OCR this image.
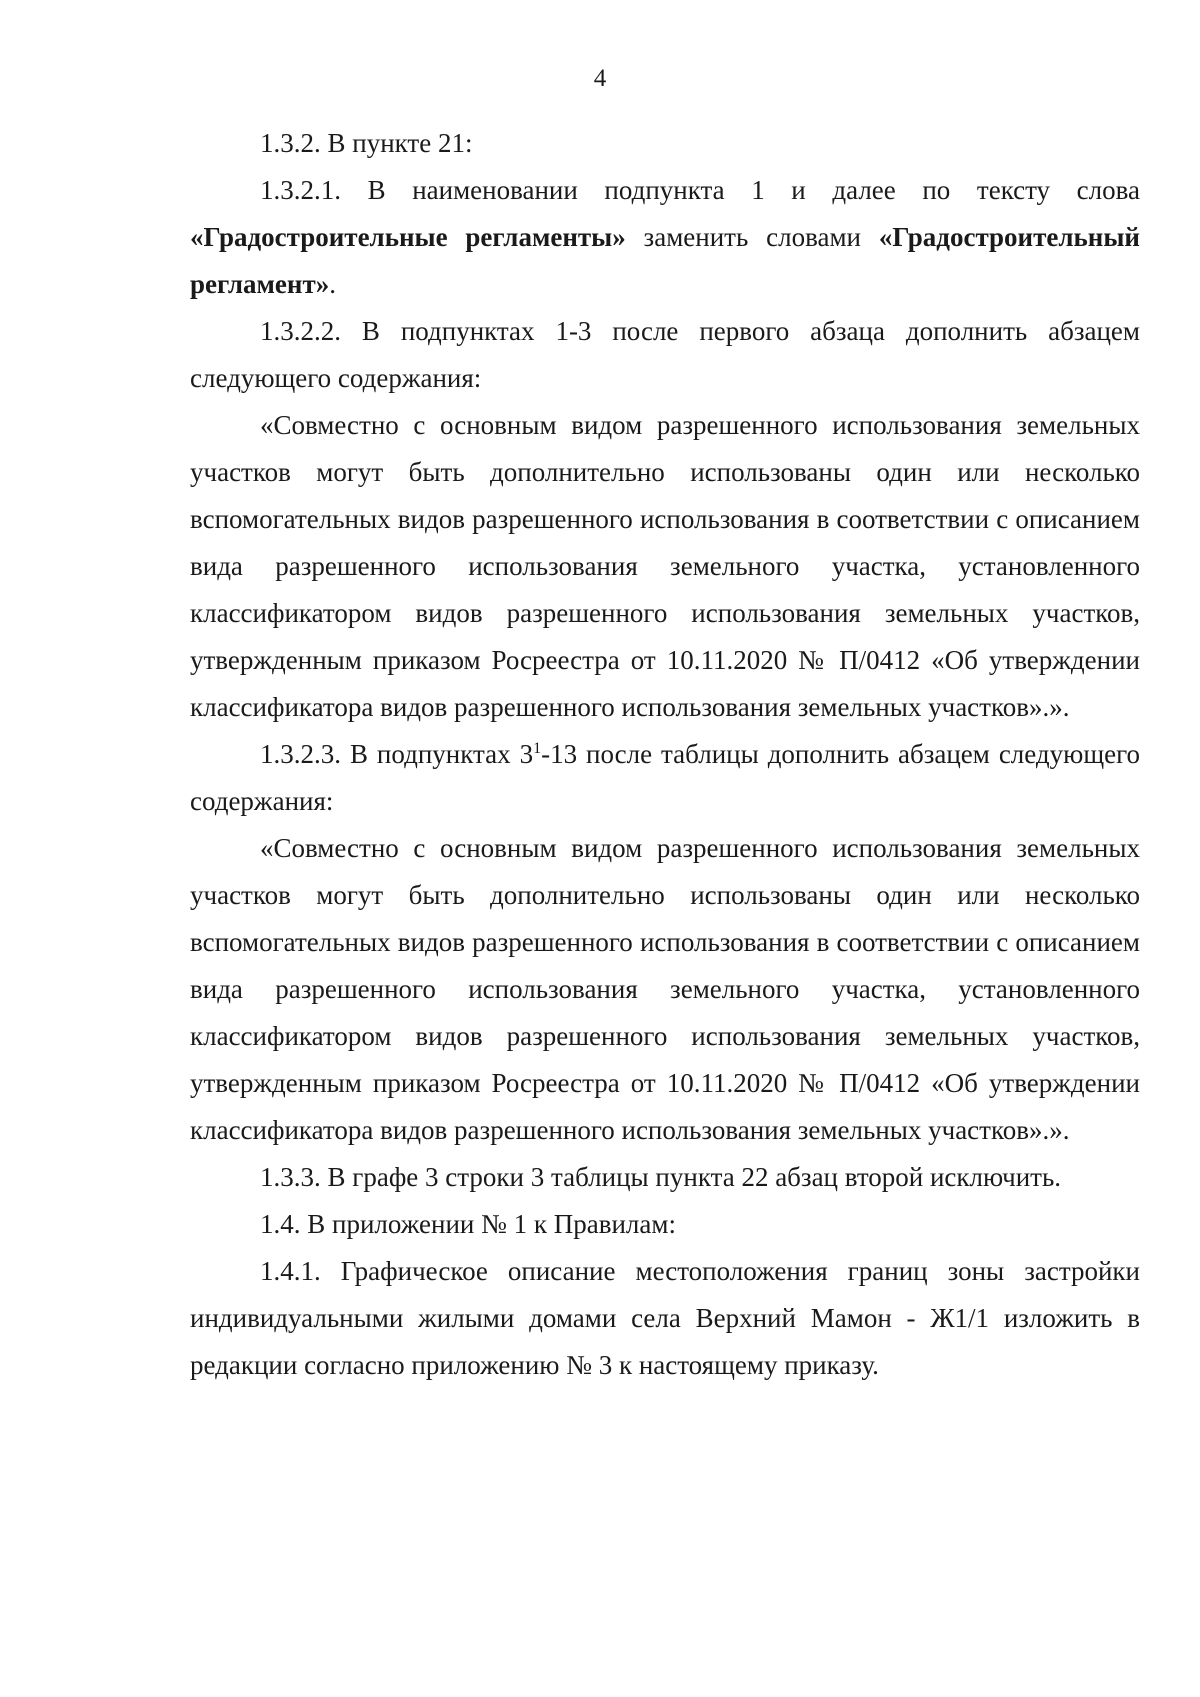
4

1.3.2. В пункте 21:

1.3.2.1. В наименовании подпункта 1 и далее по тексту слова «Градостроительные регламенты» заменить словами «Градостроительный регламент».

1.3.2.2. В подпунктах 1-3 после первого абзаца дополнить абзацем следующего содержания:

«Совместно с основным видом разрешенного использования земельных участков могут быть дополнительно использованы один или несколько вспомогательных видов разрешенного использования в соответствии с описанием вида разрешенного использования земельного участка, установленного классификатором видов разрешенного использования земельных участков, утвержденным приказом Росреестра от 10.11.2020 № П/0412 «Об утверждении классификатора видов разрешенного использования земельных участков».».

1.3.2.3. В подпунктах $3^1-13$ после таблицы дополнить абзацем следующего содержания:

«Совместно с основным видом разрешенного использования земельных участков могут быть дополнительно использованы один или несколько вспомогательных видов разрешенного использования в соответствии с описанием вида разрешенного использования земельного участка, установленного классификатором видов разрешенного использования земельных участков, утвержденным приказом Росреестра от 10.11.2020 № П/0412 «Об утверждении классификатора видов разрешенного использования земельных участков».».

1.3.3. В графе 3 строки 3 таблицы пункта 22 абзац второй исключить.

1.4. В приложении № 1 к Правилам:

1.4.1. Графическое описание местоположения границ зоны застройки индивидуальными жилыми домами села Верхний Мамон - Ж1/1 изложить в редакции согласно приложению № 3 к настоящему приказу.
